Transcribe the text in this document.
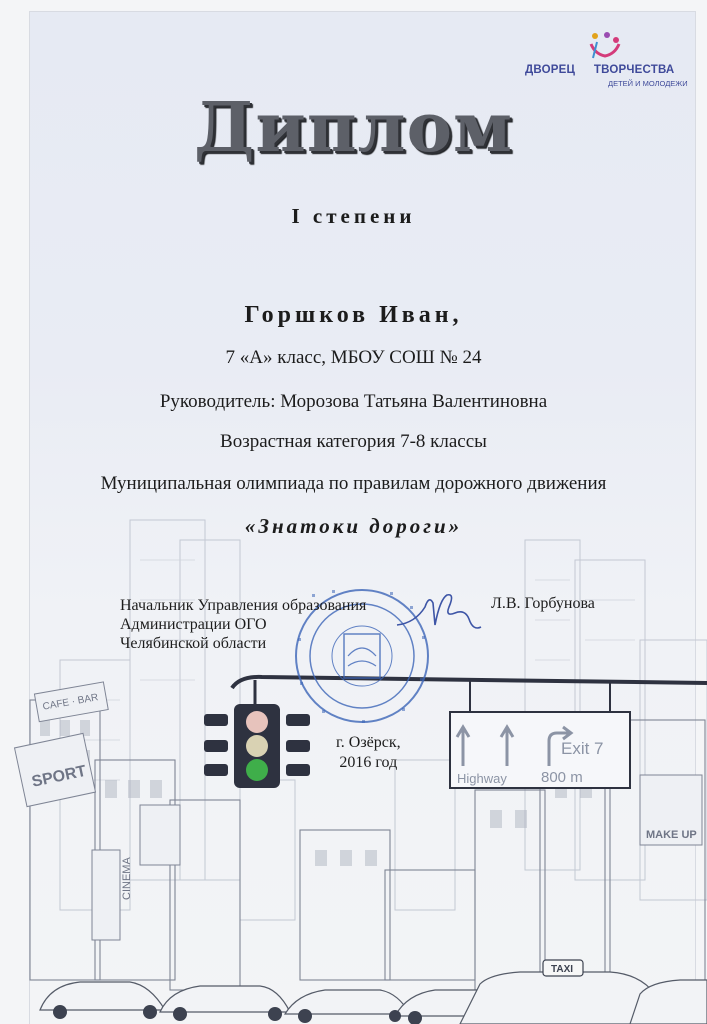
CAFE · BAR
SPORT
CINEMA
MAKE UP
TAXI
Exit 7
Highway 800 m
ДВОРЕЦ ТВОРЧЕСТВА
ДЕТЕЙ И МОЛОДЕЖИ
Диплом
I степени
Горшков Иван,
7 «А» класс, МБОУ СОШ № 24
Руководитель: Морозова Татьяна Валентиновна
Возрастная категория 7-8 классы
Муниципальная олимпиада по правилам дорожного движения
«Знатоки дороги»
Начальник Управления образования
Администрации ОГО
Челябинской области
Л.В. Горбунова
г. Озёрск,
2016 год
